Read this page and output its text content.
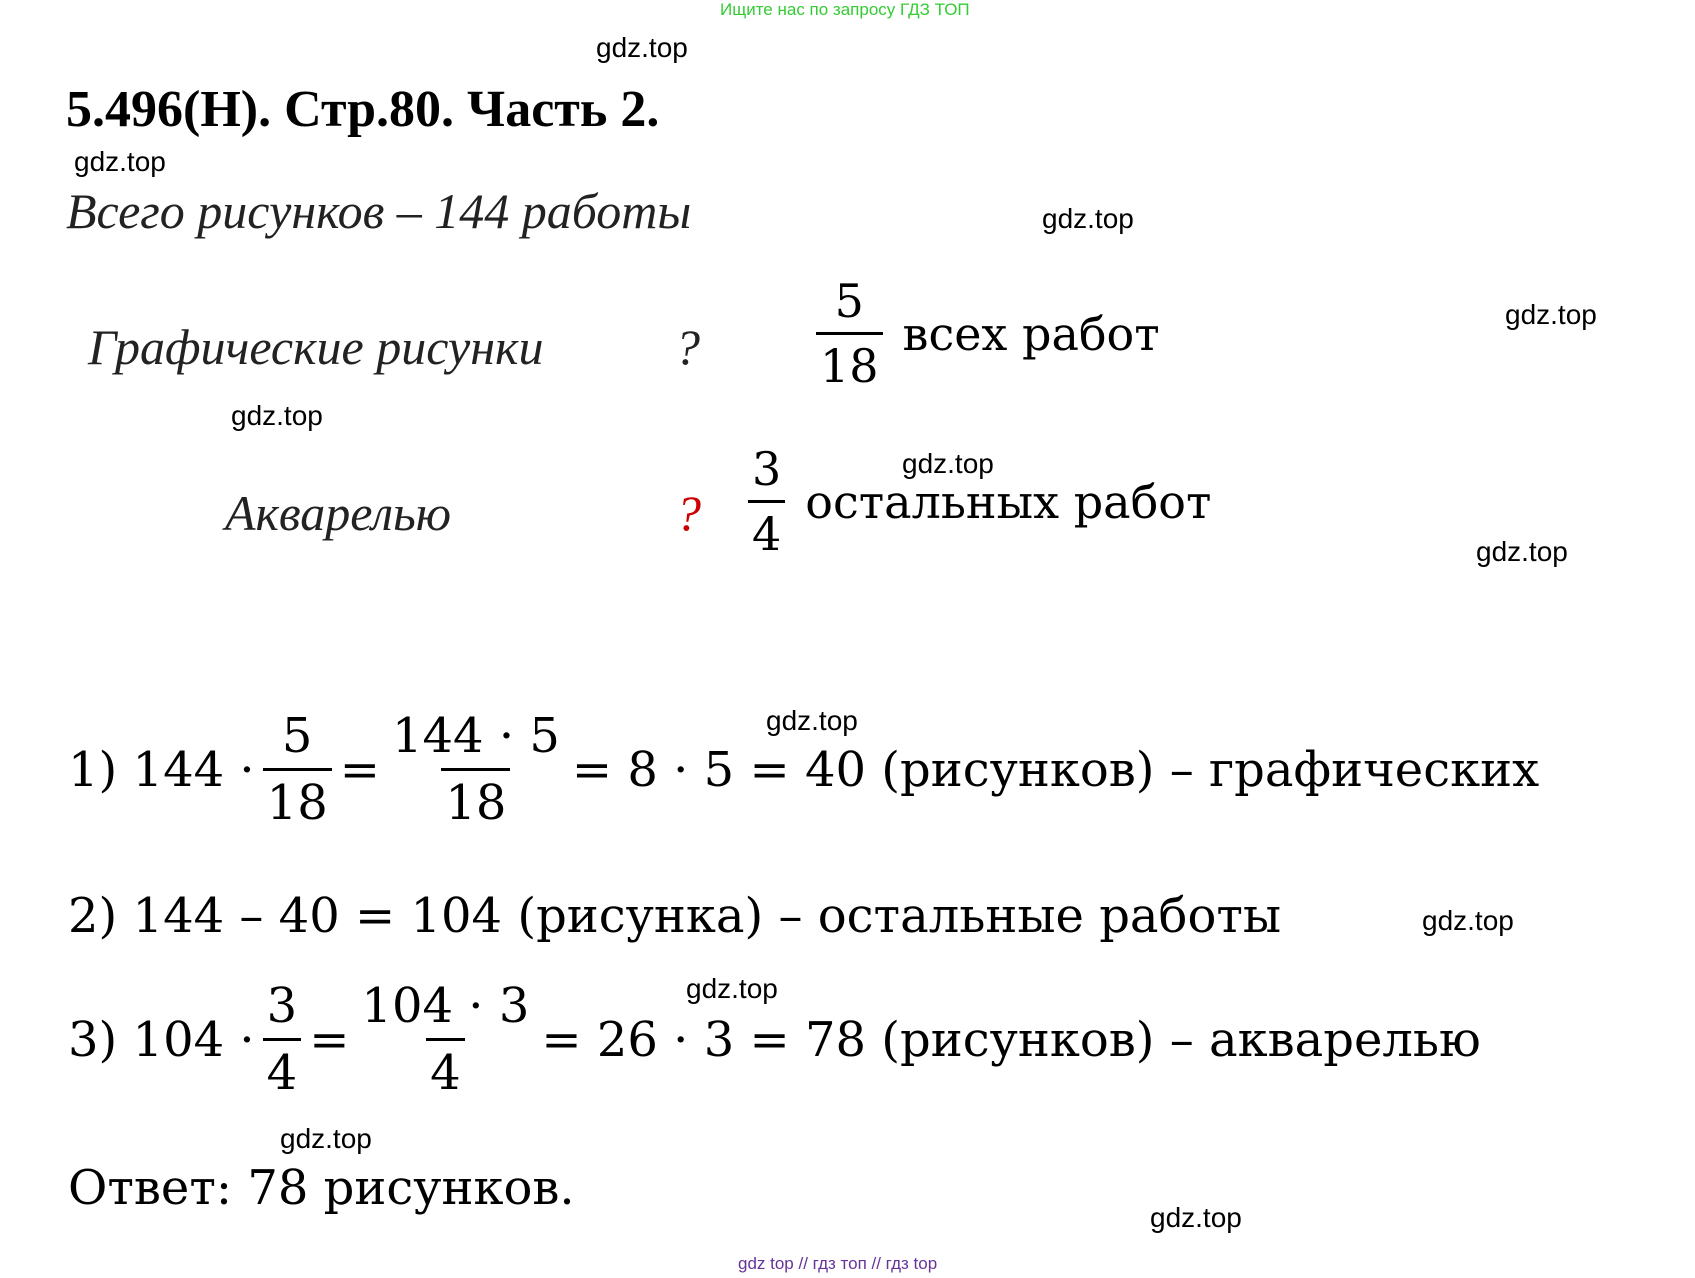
Ищите нас по запросу ГДЗ ТОП
gdz.top
5.496(Н). Стр.80. Часть 2.
gdz.top
Всего рисунков – 144 работы	gdz.top
gdz.top
Графические рисунки	?	$\frac{5}{18}$ всех работ
gdz.top
gdz.top
Акварелью	? $\frac{3}{4}$ остальных работ
gdz.top
gdz.top
1) $144 \cdot \frac{5}{18} = \frac{144 \cdot 5}{18} = 8 \cdot 5 = 40$ (рисунков) – графических
2) 144 – 40 = 104 (рисунка) – остальные работы	gdz.top
gdz.top
3) $104 \cdot \frac{3}{4} = \frac{104 \cdot 3}{4} = 26 \cdot 3 = 78$ (рисунков) – акварелью
gdz.top
Ответ: 78 рисунков.
gdz.top
gdz top // гдз топ // гдз top
